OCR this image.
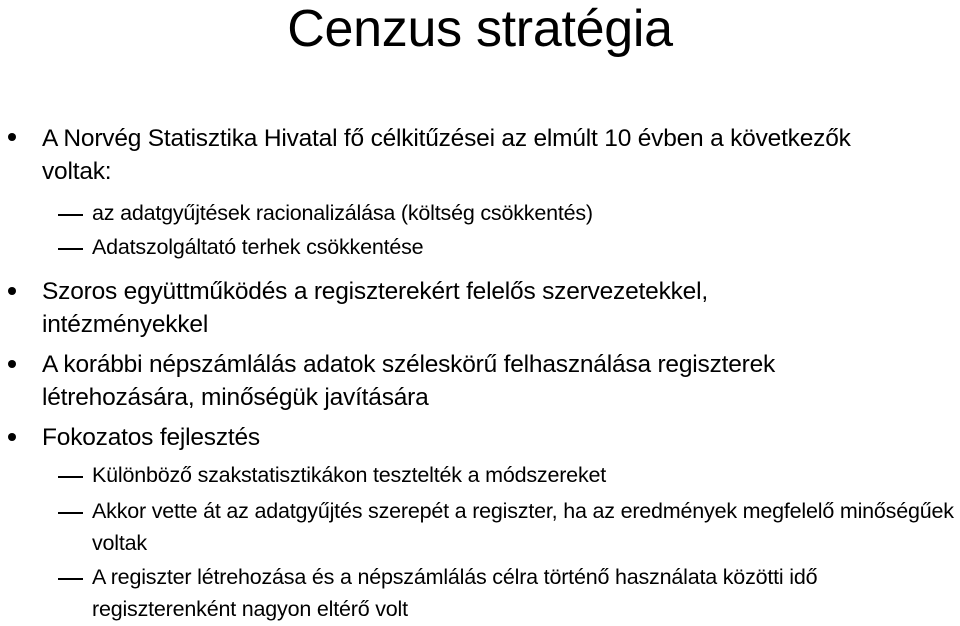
Cenzus stratégia
A Norvég Statisztika Hivatal fő célkitűzései az elmúlt 10 évben a következők voltak:
az adatgyűjtések racionalizálása (költség csökkentés)
Adatszolgáltató terhek csökkentése
Szoros együttműködés a regiszterekért felelős szervezetekkel, intézményekkel
A korábbi népszámlálás adatok széleskörű felhasználása regiszterek létrehozására, minőségük javítására
Fokozatos fejlesztés
Különböző szakstatisztikákon tesztelték a módszereket
Akkor vette át az adatgyűjtés szerepét a regiszter, ha az eredmények megfelelő minőségűek voltak
A regiszter létrehozása és a népszámlálás célra történő használata közötti idő regiszterenként nagyon eltérő volt
